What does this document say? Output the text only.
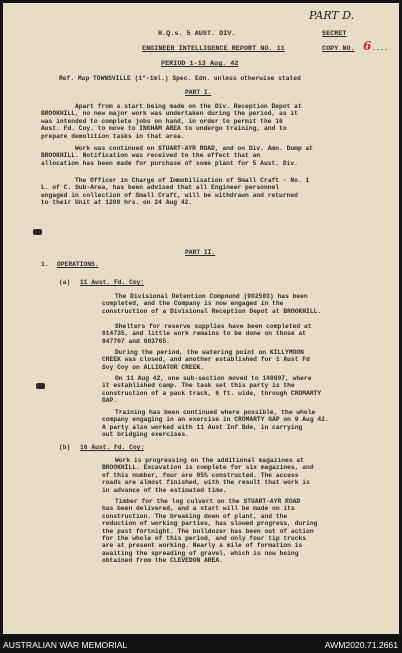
PART D.

H.Q.s. 5 AUST. DIV.	SECRET

ENGINEER INTELLIGENCE REPORT NO. 11	COPY NO. 6 ....

PERIOD 1-13 Aug. 42

Ref. Map TOWNSVILLE (1"-1ml.) Spec. Edn. unless otherwise stated

PART I.

Apart from a start being made on the Div. Reception Depot at

BROOKHILL, no new major work was undertaken during the period, as it

was intended to complete jobs on hand, in order to permit the 16

Aust. Fd. Coy. to move to INGHAM AREA to undergo training, and to

prepare demolition tasks in that area.

Work was continued on STUART-AYR ROAD, and on Div. Amn. Dump at

BROOKHILL. Notification was received to the effect that an

allocation has been made for purchase of some plant for 5 Aust. Div.

The Officer in Charge of Immobilisation of Small Craft - No. 1

L. of C. Sub-Area, has been advised that all Engineer personnel

engaged in collection of Small Craft, will be withdrawn and returned

to their Unit at 1200 hrs. on 24 Aug 42.

PART II.

1. OPERATIONS.

(a) 11 Aust. Fd. Coy:

The Divisional Detention Compound (902503) has been

completed, and the Company is now engaged in the

construction of a Divisional Reception Depot at BROOKHILL.

Shelters for reserve supplies have been completed at

014735, and little work remains to be done on those at

947707 and 003765.

During the period, the watering point on KILLYMOON

CREEK was closed, and another established for 1 Aust Fd

Svy Coy on ALLIGATOR CREEK.

On 11 Aug 42, one sub-section moved to 140607, where

it established camp. The task set this party is the

construction of a pack track, 6 ft. wide, through CROMARTY

GAP.

Training has been continued where possible, the whole

company engaging in an exercise in CROMARTY GAP on 9 Aug 42.

A party also worked with 11 Aust Inf Bde, in carrying

out bridging exercises.

(b) 16 Aust. Fd. Coy:

Work is progressing on the additional magazines at

BROOKHILL. Excavation is complete for six magazines, and

of this number, four are 95% constructed. The access

roads are almost finished, with the result that work is

in advance of the estimated time.

Timber for the log culvert on the STUART-AYR ROAD

has been delivered, and a start will be made on its

construction. The breaking down of plant, and the

reduction of working parties, has slowed progress, during

the past fortnight. The bulldozer has been out of action

for the whole of this period, and only four tip trucks

are at present working. Nearly a mile of formation is

awaiting the spreading of gravel, which is now being

obtained from the CLEVEDON AREA.

AUSTRALIAN WAR MEMORIAL	AWM2020.71.2661
